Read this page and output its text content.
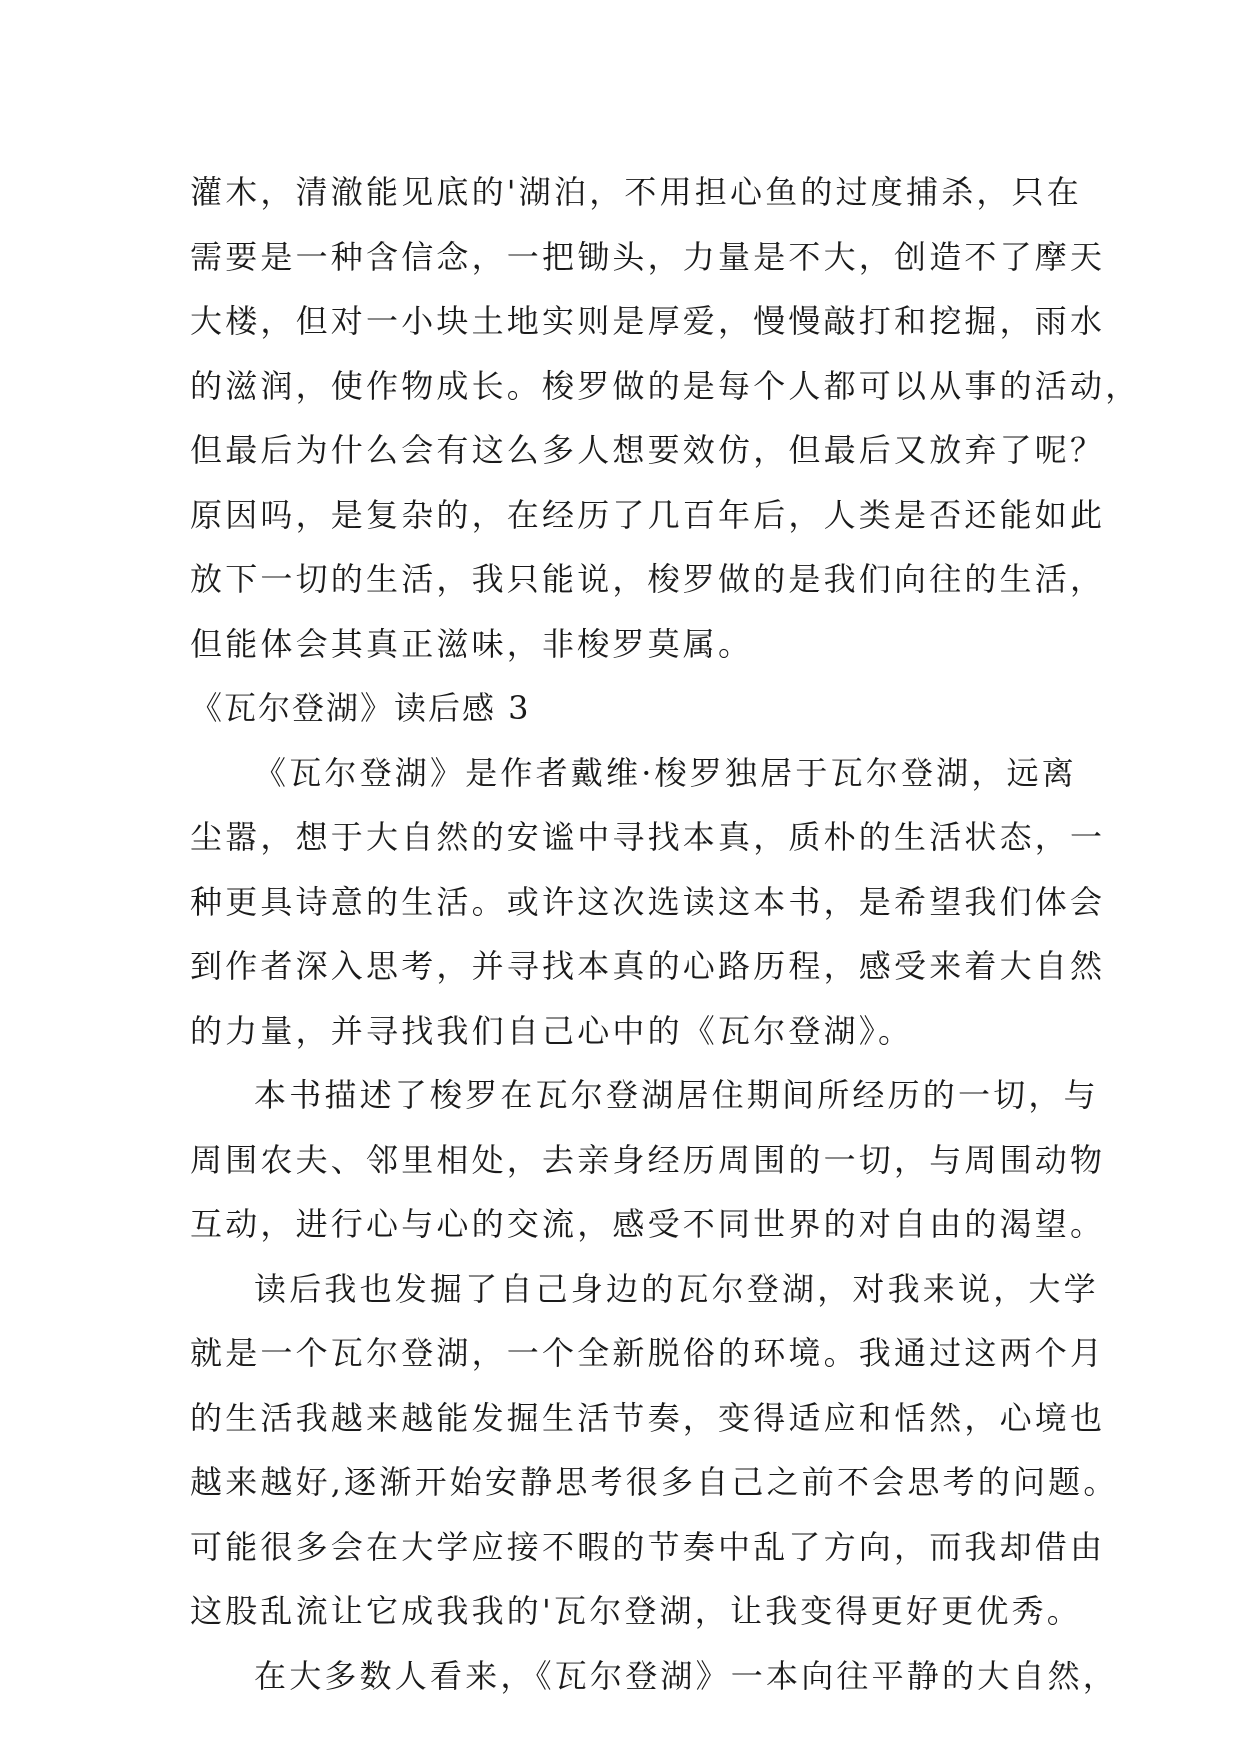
灌木，清澈能见底的'湖泊，不用担心鱼的过度捕杀，只在
需要是一种含信念，一把锄头，力量是不大，创造不了摩天
大楼，但对一小块土地实则是厚爱，慢慢敲打和挖掘，雨水
的滋润，使作物成长。梭罗做的是每个人都可以从事的活动，
但最后为什么会有这么多人想要效仿，但最后又放弃了呢？
原因吗，是复杂的，在经历了几百年后，人类是否还能如此
放下一切的生活，我只能说，梭罗做的是我们向往的生活，
但能体会其真正滋味，非梭罗莫属。
《瓦尔登湖》读后感 3
《瓦尔登湖》是作者戴维·梭罗独居于瓦尔登湖，远离
尘嚣，想于大自然的安谧中寻找本真，质朴的生活状态，一
种更具诗意的生活。或许这次选读这本书，是希望我们体会
到作者深入思考，并寻找本真的心路历程，感受来着大自然
的力量，并寻找我们自己心中的《瓦尔登湖》。
本书描述了梭罗在瓦尔登湖居住期间所经历的一切，与
周围农夫、邻里相处，去亲身经历周围的一切，与周围动物
互动，进行心与心的交流，感受不同世界的对自由的渴望。
读后我也发掘了自己身边的瓦尔登湖，对我来说，大学
就是一个瓦尔登湖，一个全新脱俗的环境。我通过这两个月
的生活我越来越能发掘生活节奏，变得适应和恬然，心境也
越来越好,逐渐开始安静思考很多自己之前不会思考的问题。
可能很多会在大学应接不暇的节奏中乱了方向，而我却借由
这股乱流让它成我我的'瓦尔登湖，让我变得更好更优秀。
在大多数人看来，《瓦尔登湖》一本向往平静的大自然，
